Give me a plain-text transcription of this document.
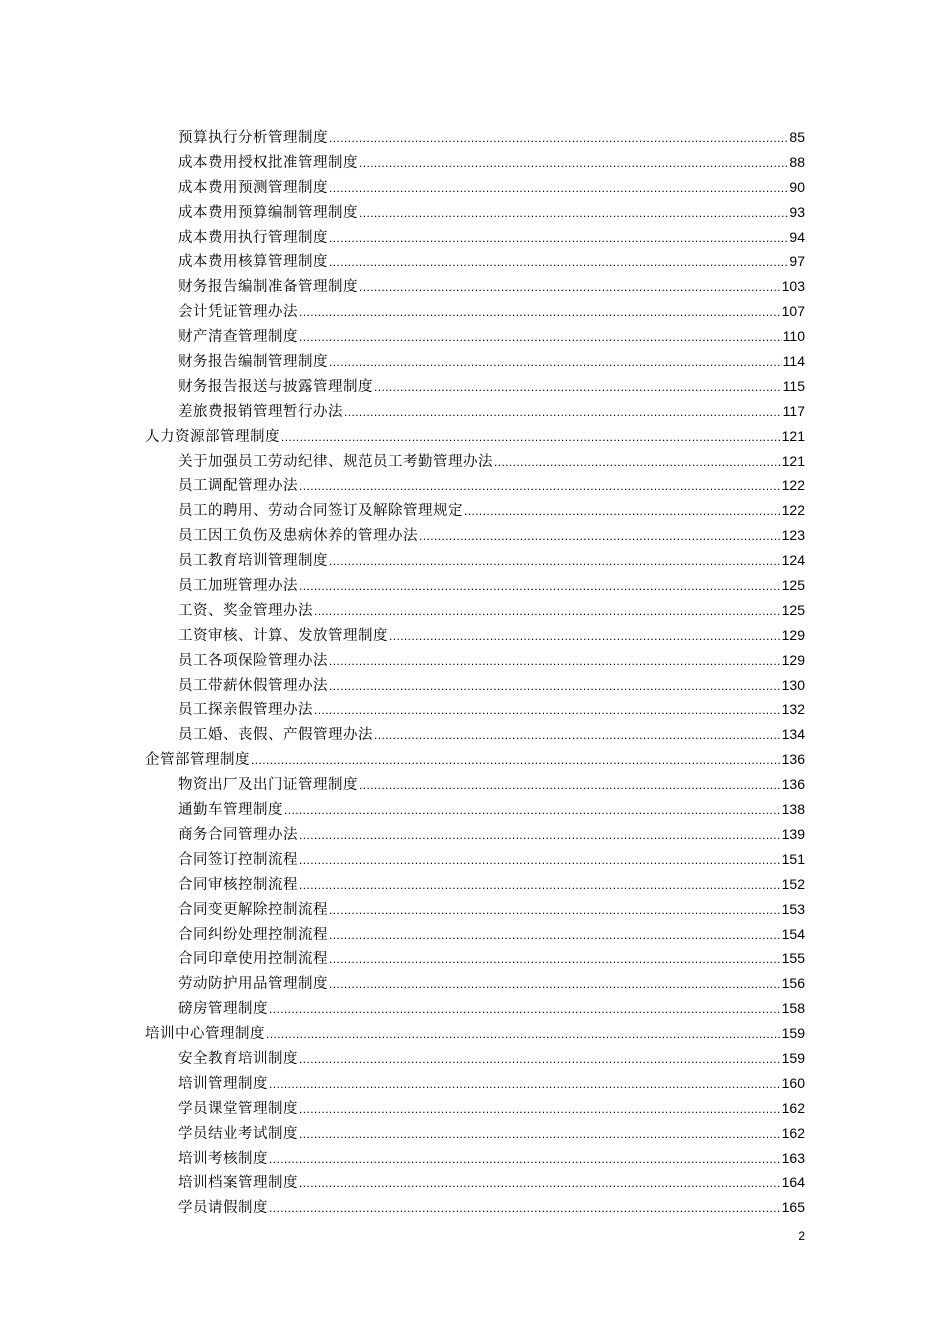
预算执行分析管理制度 .....	85
成本费用授权批准管理制度 .....	88
成本费用预测管理制度 .....	90
成本费用预算编制管理制度 .....	93
成本费用执行管理制度 .....	94
成本费用核算管理制度 .....	97
财务报告编制准备管理制度 .....	103
会计凭证管理办法 .....	107
财产清查管理制度 .....	110
财务报告编制管理制度 .....	114
财务报告报送与披露管理制度 .....	115
差旅费报销管理暂行办法 .....	117
人力资源部管理制度 .....	121
关于加强员工劳动纪律、规范员工考勤管理办法 .....	121
员工调配管理办法 .....	122
员工的聘用、劳动合同签订及解除管理规定 .....	122
员工因工负伤及患病休养的管理办法 .....	123
员工教育培训管理制度 .....	124
员工加班管理办法 .....	125
工资、奖金管理办法 .....	125
工资审核、计算、发放管理制度 .....	129
员工各项保险管理办法 .....	129
员工带薪休假管理办法 .....	130
员工探亲假管理办法 .....	132
员工婚、丧假、产假管理办法 .....	134
企管部管理制度 .....	136
物资出厂及出门证管理制度 .....	136
通勤车管理制度 .....	138
商务合同管理办法 .....	139
合同签订控制流程 .....	151
合同审核控制流程 .....	152
合同变更解除控制流程 .....	153
合同纠纷处理控制流程 .....	154
合同印章使用控制流程 .....	155
劳动防护用品管理制度 .....	156
磅房管理制度 .....	158
培训中心管理制度 .....	159
安全教育培训制度 .....	159
培训管理制度 .....	160
学员课堂管理制度 .....	162
学员结业考试制度 .....	162
培训考核制度 .....	163
培训档案管理制度 .....	164
学员请假制度 .....	165
2
